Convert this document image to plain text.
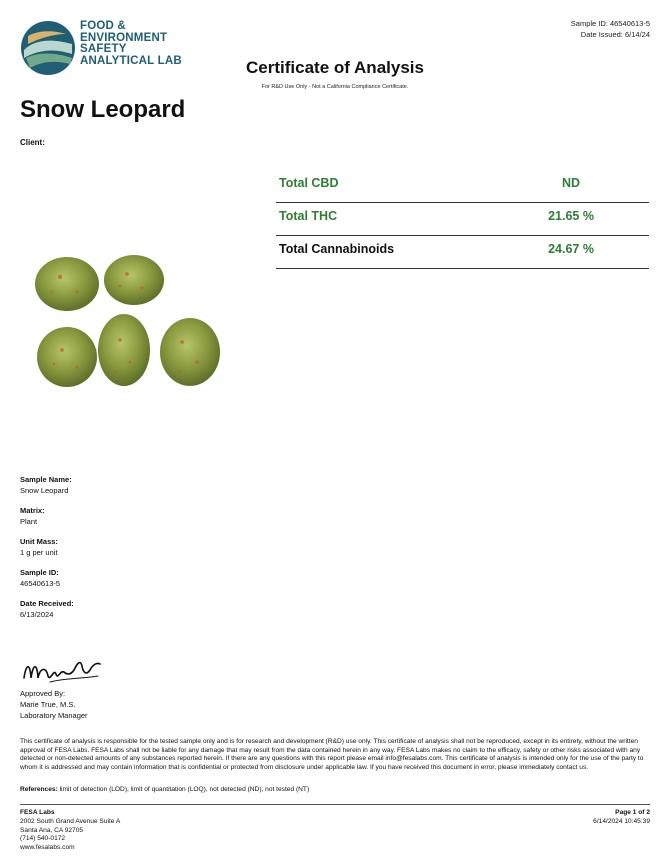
FOOD &
ENVIRONMENT
SAFETY
ANALYTICAL LAB
Sample ID: 46540613-5
Date Issued: 6/14/24
Certificate of Analysis
For R&D Use Only - Not a California Compliance Certificate.
Snow Leopard
Client:
Total CBD	ND
Total THC	21.65 %
Total Cannabinoids	24.67 %
Sample Name:
Snow Leopard
Matrix:
Plant
Unit Mass:
1 g per unit
Sample ID:
46540613-5
Date Received:
6/13/2024
Approved By:
Marie True, M.S.
Laboratory Manager
This certificate of analysis is responsible for the tested sample only and is for research and development (R&D) use only. This certificate of analysis shall not be reproduced, except in its entirety, without the written approval of FESA Labs. FESA Labs shall not be liable for any damage that may result from the data contained herein in any way. FESA Labs makes no claim to the efficacy, safety or other risks associated with any detected or non-detected amounts of any substances reported herein. If there are any questions with this report please email info@fesalabs.com. This certificate of analysis is intended only for the use of the party to whom it is addressed and may contain information that is confidential or protected from disclosure under applicable law. If you have received this document in error, please immediately contact us.
References: limit of detection (LOD), limit of quantitation (LOQ), not detected (ND), not tested (NT)
FESA Labs
2002 South Grand Avenue Suite A
Santa Ana, CA 92705
(714) 540-0172
www.fesalabs.com
Page 1 of 2
6/14/2024 10:45:39
